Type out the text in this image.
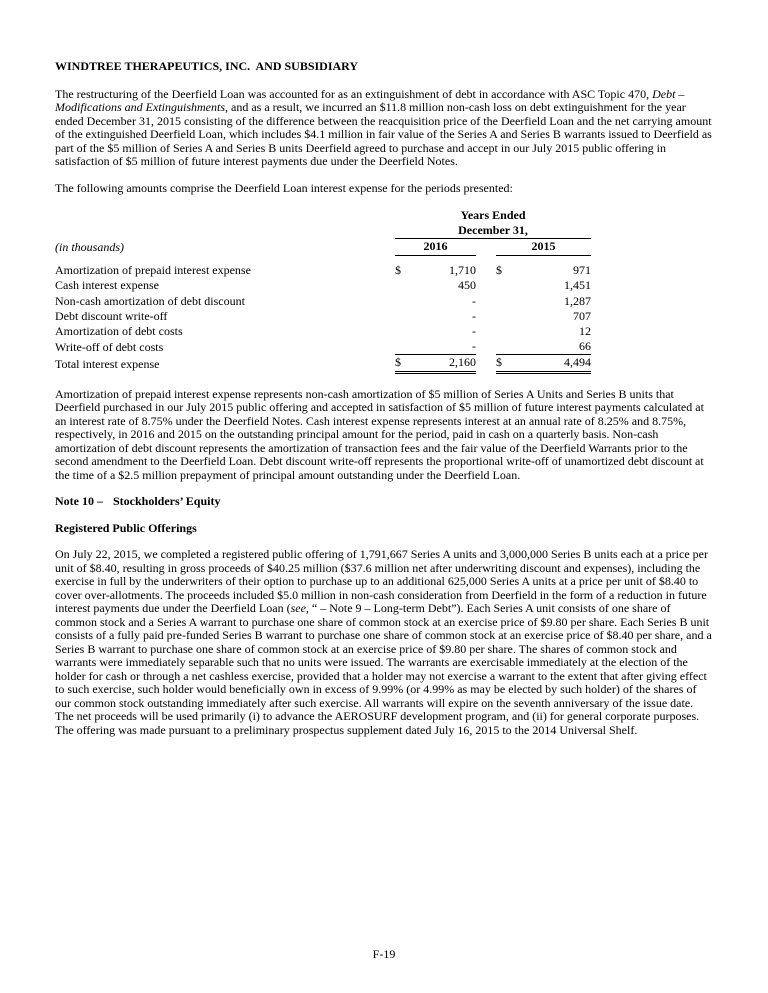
WINDTREE THERAPEUTICS, INC.  AND SUBSIDIARY

The restructuring of the Deerfield Loan was accounted for as an extinguishment of debt in accordance with ASC Topic 470, Debt – Modifications and Extinguishments, and as a result, we incurred an $11.8 million non-cash loss on debt extinguishment for the year ended December 31, 2015 consisting of the difference between the reacquisition price of the Deerfield Loan and the net carrying amount of the extinguished Deerfield Loan, which includes $4.1 million in fair value of the Series A and Series B warrants issued to Deerfield as part of the $5 million of Series A and Series B units Deerfield agreed to purchase and accept in our July 2015 public offering in satisfaction of $5 million of future interest payments due under the Deerfield Notes.

The following amounts comprise the Deerfield Loan interest expense for the periods presented:

	Years Ended				
	December 31,				
(in thousands)	2016			2015	

Amortization of prepaid interest expense	$	1,710		$	971
Cash interest expense		450			1,451
Non-cash amortization of debt discount		-			1,287
Debt discount write-off		-			707
Amortization of debt costs		-			12
Write-off of debt costs		-			66
Total interest expense	$	2,160		$	4,494

Amortization of prepaid interest expense represents non-cash amortization of $5 million of Series A Units and Series B units that Deerfield purchased in our July 2015 public offering and accepted in satisfaction of $5 million of future interest payments calculated at an interest rate of 8.75% under the Deerfield Notes. Cash interest expense represents interest at an annual rate of 8.25% and 8.75%, respectively, in 2016 and 2015 on the outstanding principal amount for the period, paid in cash on a quarterly basis. Non-cash amortization of debt discount represents the amortization of transaction fees and the fair value of the Deerfield Warrants prior to the second amendment to the Deerfield Loan. Debt discount write-off represents the proportional write-off of unamortized debt discount at the time of a $2.5 million prepayment of principal amount outstanding under the Deerfield Loan.

Note 10 – Stockholders’ Equity

Registered Public Offerings

On July 22, 2015, we completed a registered public offering of 1,791,667 Series A units and 3,000,000 Series B units each at a price per unit of $8.40, resulting in gross proceeds of $40.25 million ($37.6 million net after underwriting discount and expenses), including the exercise in full by the underwriters of their option to purchase up to an additional 625,000 Series A units at a price per unit of $8.40 to cover over-allotments. The proceeds included $5.0 million in non-cash consideration from Deerfield in the form of a reduction in future interest payments due under the Deerfield Loan (see, “ – Note 9 – Long-term Debt”). Each Series A unit consists of one share of common stock and a Series A warrant to purchase one share of common stock at an exercise price of $9.80 per share. Each Series B unit consists of a fully paid pre-funded Series B warrant to purchase one share of common stock at an exercise price of $8.40 per share, and a Series B warrant to purchase one share of common stock at an exercise price of $9.80 per share. The shares of common stock and warrants were immediately separable such that no units were issued. The warrants are exercisable immediately at the election of the holder for cash or through a net cashless exercise, provided that a holder may not exercise a warrant to the extent that after giving effect to such exercise, such holder would beneficially own in excess of 9.99% (or 4.99% as may be elected by such holder) of the shares of our common stock outstanding immediately after such exercise. All warrants will expire on the seventh anniversary of the issue date. The net proceeds will be used primarily (i) to advance the AEROSURF development program, and (ii) for general corporate purposes. The offering was made pursuant to a preliminary prospectus supplement dated July 16, 2015 to the 2014 Universal Shelf.

F-19
